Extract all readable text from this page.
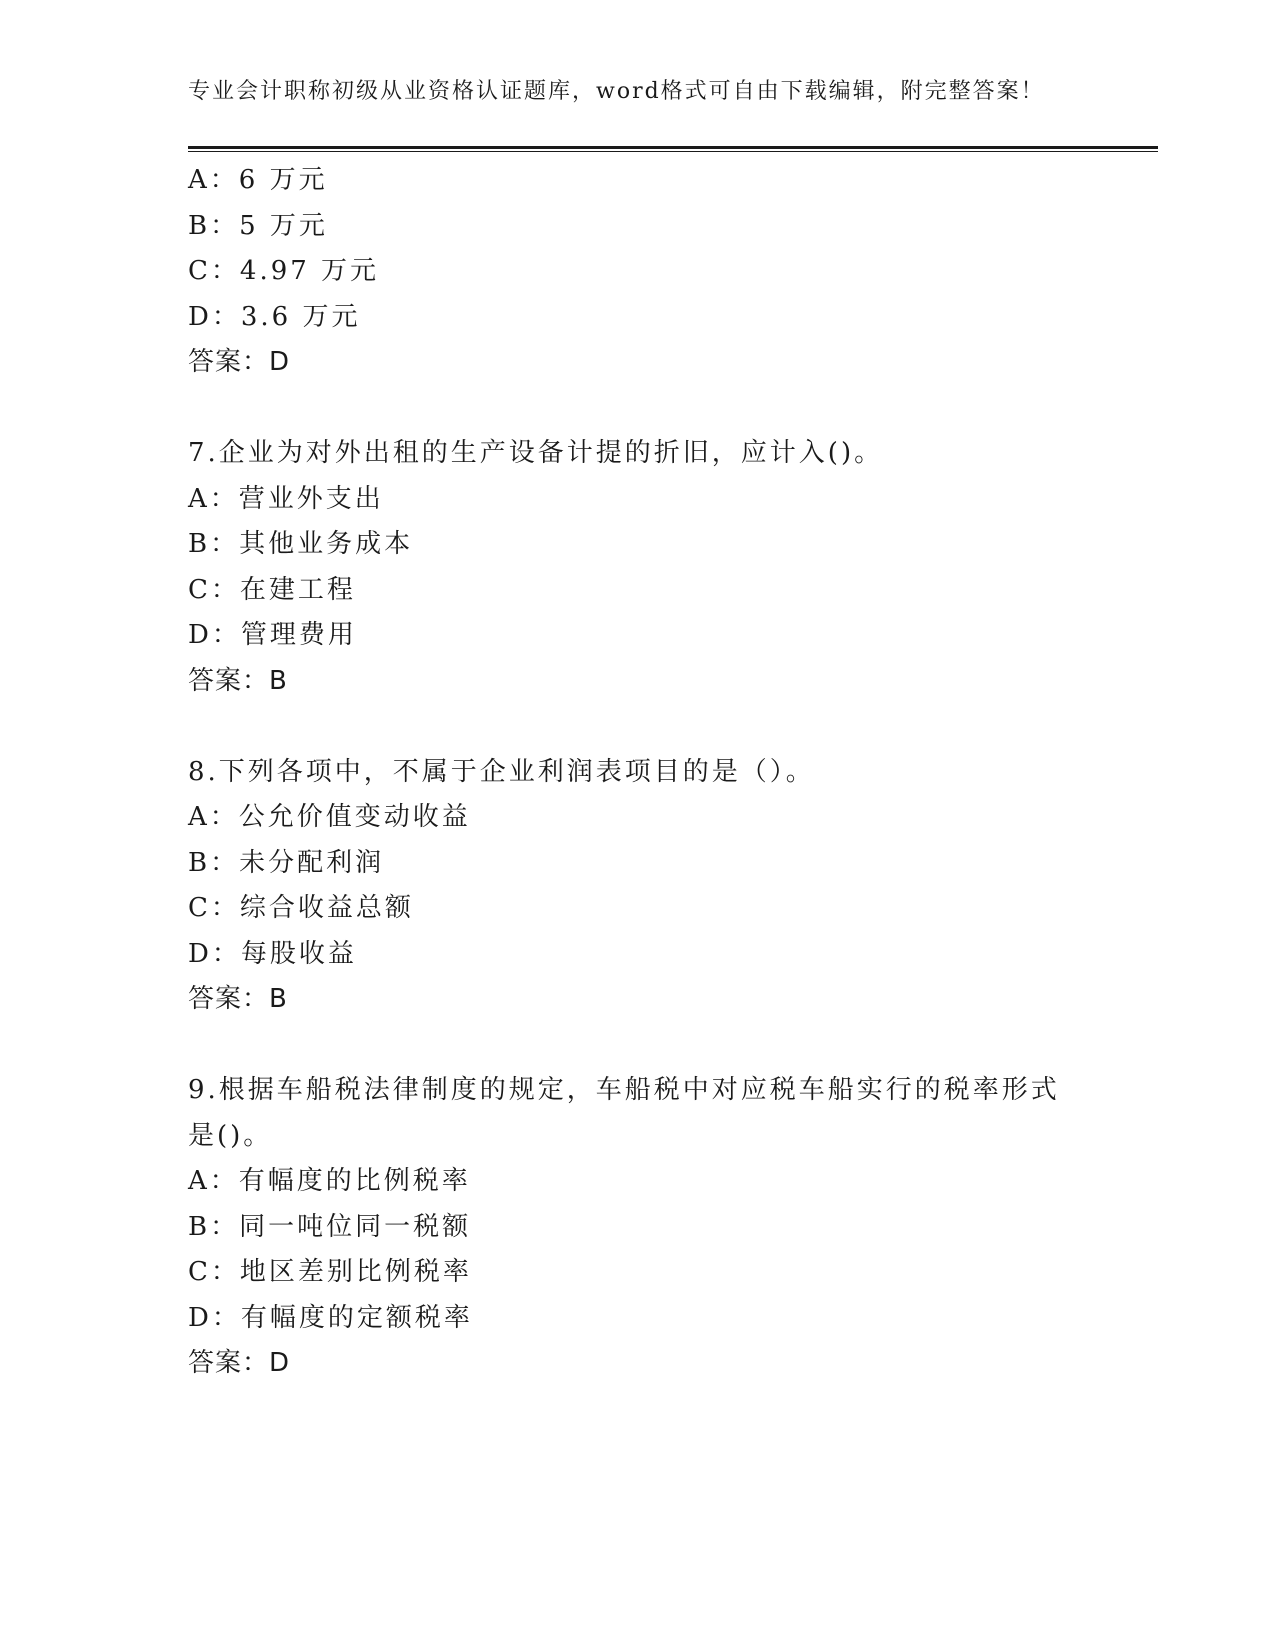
专业会计职称初级从业资格认证题库，word格式可自由下载编辑，附完整答案！
A：6 万元
B：5 万元
C：4.97 万元
D：3.6 万元
答案：D
7.企业为对外出租的生产设备计提的折旧，应计入()。
A：营业外支出
B：其他业务成本
C：在建工程
D：管理费用
答案：B
8.下列各项中，不属于企业利润表项目的是（）。
A：公允价值变动收益
B：未分配利润
C：综合收益总额
D：每股收益
答案：B
9.根据车船税法律制度的规定，车船税中对应税车船实行的税率形式
是()。
A：有幅度的比例税率
B：同一吨位同一税额
C：地区差别比例税率
D：有幅度的定额税率
答案：D
